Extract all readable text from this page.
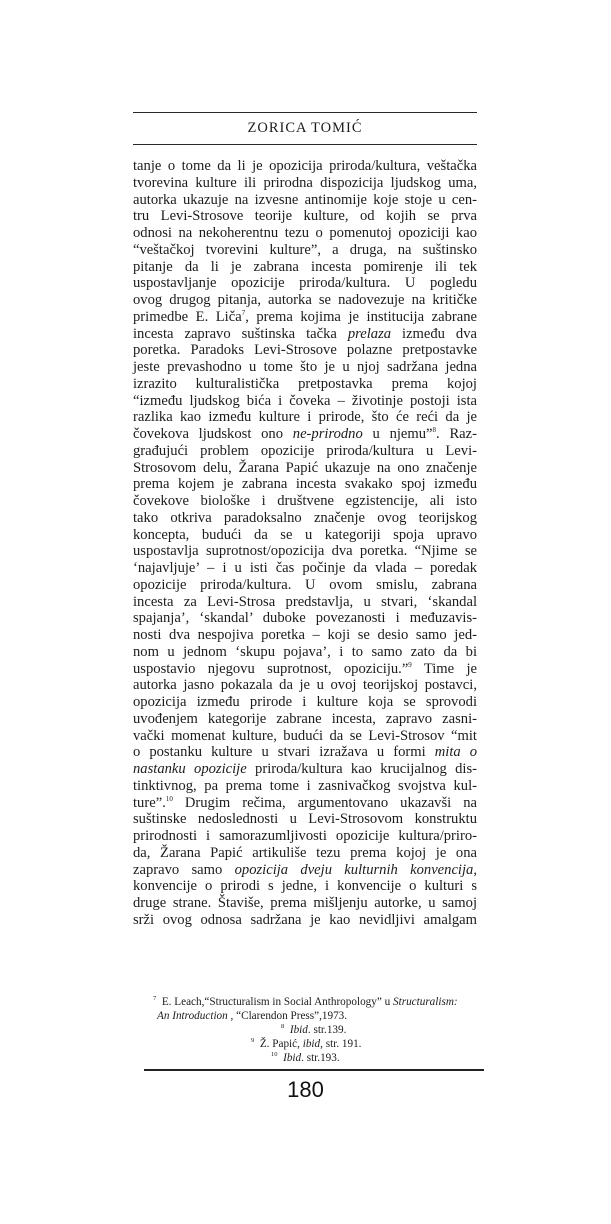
ZORICA TOMIĆ
tanje o tome da li je opozicija priroda/kultura, veštačka
tvorevina kulture ili prirodna dispozicija ljudskog uma,
autorka ukazuje na izvesne antinomije koje stoje u cen-
tru Levi-Strosove teorije kulture, od kojih se prva
odnosi na nekoherentnu tezu o pomenutoj opoziciji kao
“veštačkoj tvorevini kulture”, a druga, na suštinsko
pitanje da li je zabrana incesta pomirenje ili tek
uspostavljanje opozicije priroda/kultura. U pogledu
ovog drugog pitanja, autorka se nadovezuje na kritičke
primedbe E. Liča$^7$, prema kojima je institucija zabrane
incesta zapravo suštinska tačka prelaza između dva
poretka. Paradoks Levi-Strosove polazne pretpostavke
jeste prevashodno u tome što je u njoj sadržana jedna
izrazito kulturalistička pretpostavka prema kojoj
“između ljudskog bića i čoveka – životinje postoji ista
razlika kao između kulture i prirode, što će reći da je
čovekova ljudskost ono ne-prirodno u njemu”$^8$. Raz-
građujući problem opozicije priroda/kultura u Levi-
Strosovom delu, Žarana Papić ukazuje na ono značenje
prema kojem je zabrana incesta svakako spoj između
čovekove biološke i društvene egzistencije, ali isto
tako otkriva paradoksalno značenje ovog teorijskog
koncepta, budući da se u kategoriji spoja upravo
uspostavlja suprotnost/opozicija dva poretka. “Njime se
‘najavljuje’ – i u isti čas počinje da vlada – poredak
opozicije priroda/kultura. U ovom smislu, zabrana
incesta za Levi-Strosa predstavlja, u stvari, ‘skandal
spajanja’, ‘skandal’ duboke povezanosti i međuzavis-
nosti dva nespojiva poretka – koji se desio samo jed-
nom u jednom ‘skupu pojava’, i to samo zato da bi
uspostavio njegovu suprotnost, opoziciju.”$^9$ Time je
autorka jasno pokazala da je u ovoj teorijskoj postavci,
opozicija između prirode i kulture koja se sprovodi
uvođenjem kategorije zabrane incesta, zapravo zasni-
vački momenat kulture, budući da se Levi-Strosov “mit
o postanku kulture u stvari izražava u formi mita o
nastanku opozicije priroda/kultura kao krucijalnog dis-
tinktivnog, pa prema tome i zasnivačkog svojstva kul-
ture”.$^{10}$ Drugim rečima, argumentovano ukazavši na
suštinske nedoslednosti u Levi-Strosovom konstruktu
prirodnosti i samorazumljivosti opozicije kultura/priro-
da, Žarana Papić artikuliše tezu prema kojoj je ona
zapravo samo opozicija dveju kulturnih konvencija,
konvencije o prirodi s jedne, i konvencije o kulturi s
druge strane. Štaviše, prema mišljenju autorke, u samoj
srži ovog odnosa sadržana je kao nevidljivi amalgam
$^7$  E. Leach,“Structuralism in Social Anthropology” u Structuralism:
An Introduction , “Clarendon Press”,1973.
$^8$  Ibid. str.139.
$^9$  Ž. Papić, ibid, str. 191.
$^{10}$  Ibid. str.193.
180
